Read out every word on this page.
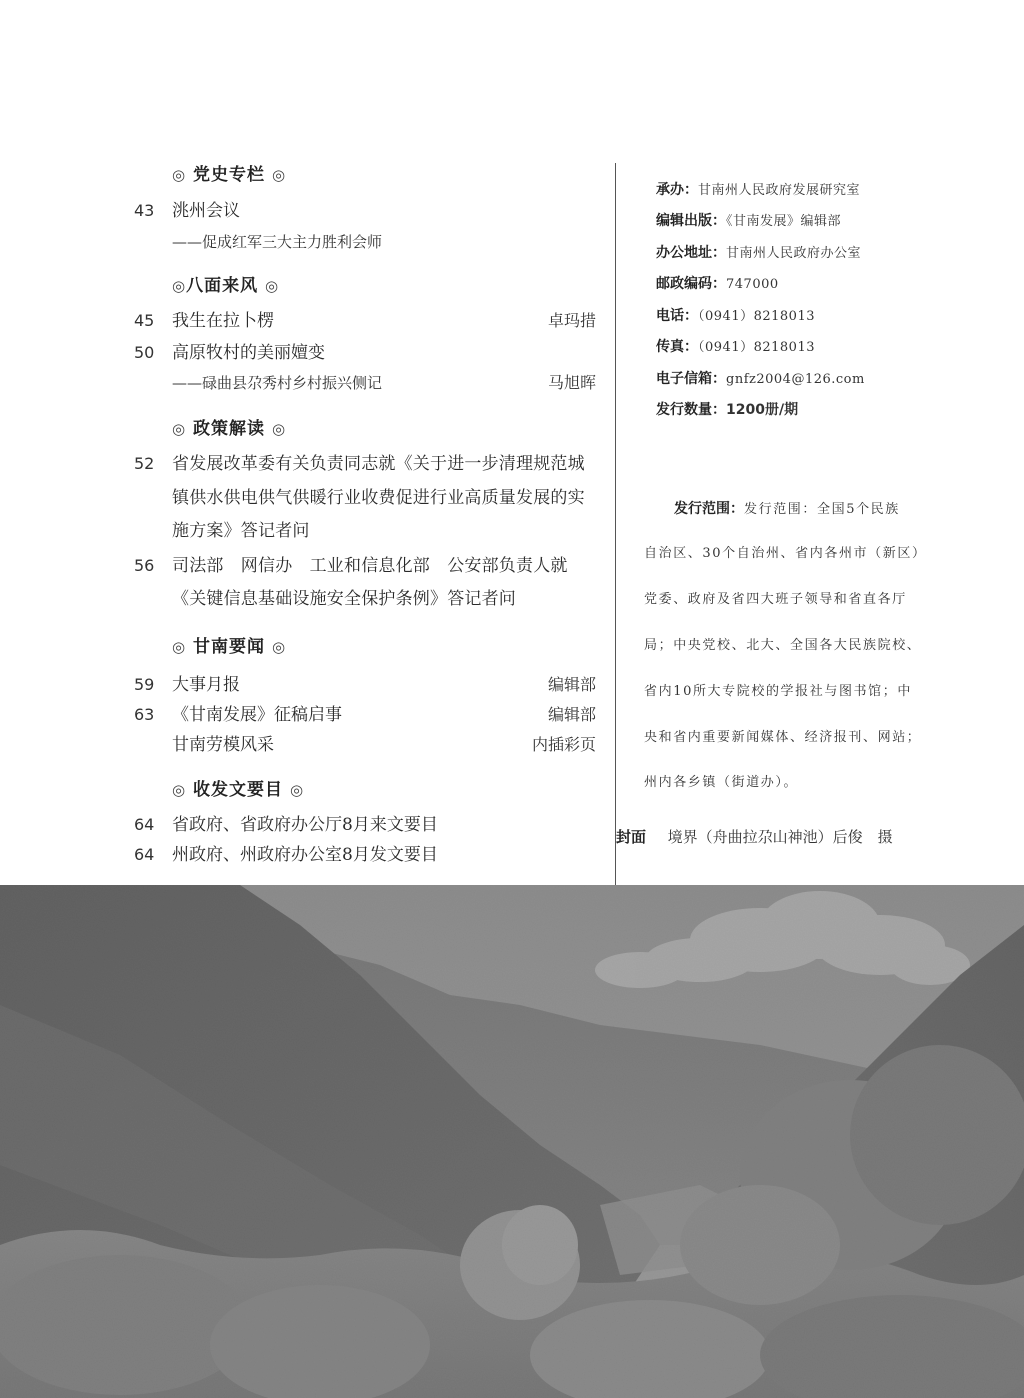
◎ 党史专栏 ◎
43 洮州会议
——促成红军三大主力胜利会师
◎八面来风 ◎
45 我生在拉卜楞	卓玛措
50 高原牧村的美丽嬗变
——碌曲县尕秀村乡村振兴侧记	马旭晖
◎ 政策解读 ◎
52 省发展改革委有关负责同志就《关于进一步清理规范城
镇供水供电供气供暖行业收费促进行业高质量发展的实
施方案》答记者问
56 司法部　网信办　工业和信息化部　公安部负责人就
《关键信息基础设施安全保护条例》答记者问
◎ 甘南要闻 ◎
59 大事月报	编辑部
63 《甘南发展》征稿启事	编辑部
甘南劳模风采	内插彩页
◎ 收发文要目 ◎
64 省政府、省政府办公厅8月来文要目
64 州政府、州政府办公室8月发文要目
承办：甘南州人民政府发展研究室
编辑出版：《甘南发展》编辑部
办公地址：甘南州人民政府办公室
邮政编码：747000
电话：（0941）8218013
传真：（0941）8218013
电子信箱：gnfz2004@126.com
发行数量：1200册/期
发行范围：发行范围：全国5个民族
自治区、30个自治州、省内各州市（新区）
党委、政府及省四大班子领导和省直各厅
局；中央党校、北大、全国各大民族院校、
省内10所大专院校的学报社与图书馆；中
央和省内重要新闻媒体、经济报刊、网站；
州内各乡镇（街道办）。
封面 境界（舟曲拉尕山神池）后俊　摄
